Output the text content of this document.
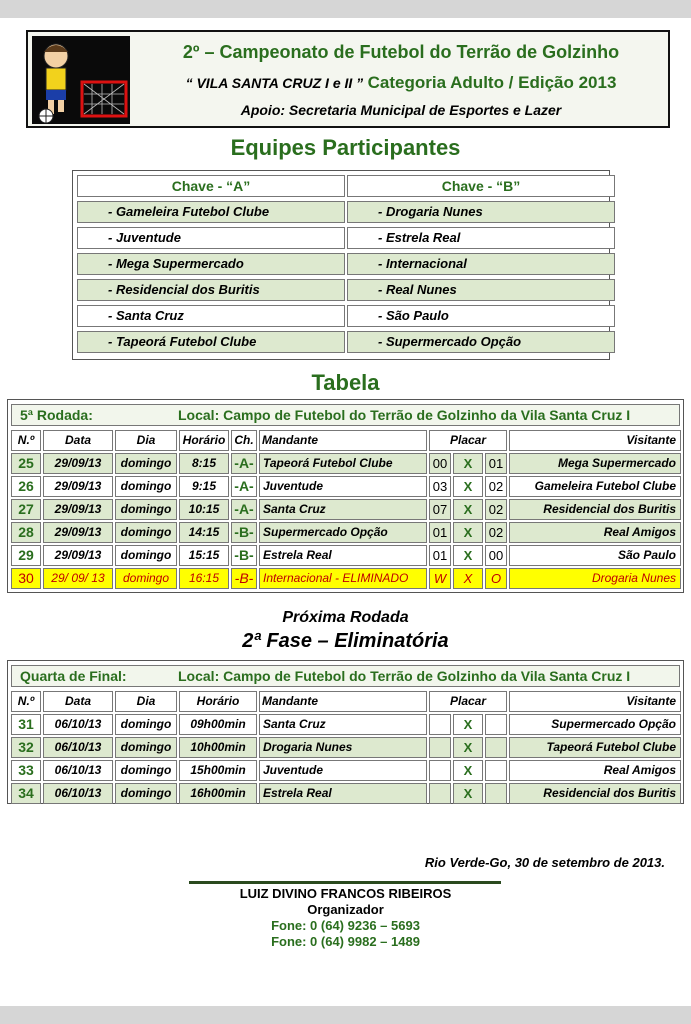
2º – Campeonato de Futebol do Terrão de Golzinho
“ VILA SANTA CRUZ I e II ” Categoria Adulto / Edição 2013
Apoio: Secretaria Municipal de Esportes e Lazer
Equipes Participantes
Chave - “A”
- Gameleira Futebol Clube
- Juventude
- Mega Supermercado
- Residencial dos Buritis
- Santa Cruz
- Tapeorá Futebol Clube
Chave - “B”
- Drogaria Nunes
- Estrela Real
- Internacional
- Real Nunes
- São Paulo
- Supermercado Opção
Tabela
5ª Rodada:	Local: Campo de Futebol do Terrão de Golzinho da Vila Santa Cruz I
N.º	Data	Dia	Horário Ch. Mandante	Placar	Visitante
25	29/09/13	domingo	8:15	-A- Tapeorá Futebol Clube	00	X	01	Mega Supermercado
26	29/09/13	domingo	9:15	-A- Juventude	03	X	02	Gameleira Futebol Clube
27	29/09/13	domingo	10:15	-A- Santa Cruz	07	X	02	Residencial dos Buritis
28	29/09/13	domingo	14:15	-B- Supermercado Opção	01	X	02	Real Amigos
29	29/09/13	domingo	15:15	-B- Estrela Real	01	X	00	São Paulo
30	29/ 09/ 13	domingo	16:15	-B- Internacional - ELIMINADO	W	X	O	Drogaria Nunes
Próxima Rodada
2ª Fase – Eliminatória
Quarta de Final:	Local: Campo de Futebol do Terrão de Golzinho da Vila Santa Cruz I
N.º	Data	Dia	Horário	Mandante	Placar	Visitante
31	06/10/13	domingo	09h00min	Santa Cruz	X	Supermercado Opção
32	06/10/13	domingo	10h00min	Drogaria Nunes	X	Tapeorá Futebol Clube
33	06/10/13	domingo	15h00min	Juventude	X	Real Amigos
34	06/10/13	domingo	16h00min	Estrela Real	X	Residencial dos Buritis
Rio Verde-Go, 30 de setembro de 2013.
LUIZ DIVINO FRANCOS RIBEIROS
Organizador
Fone: 0 (64) 9236 – 5693
Fone: 0 (64) 9982 – 1489
